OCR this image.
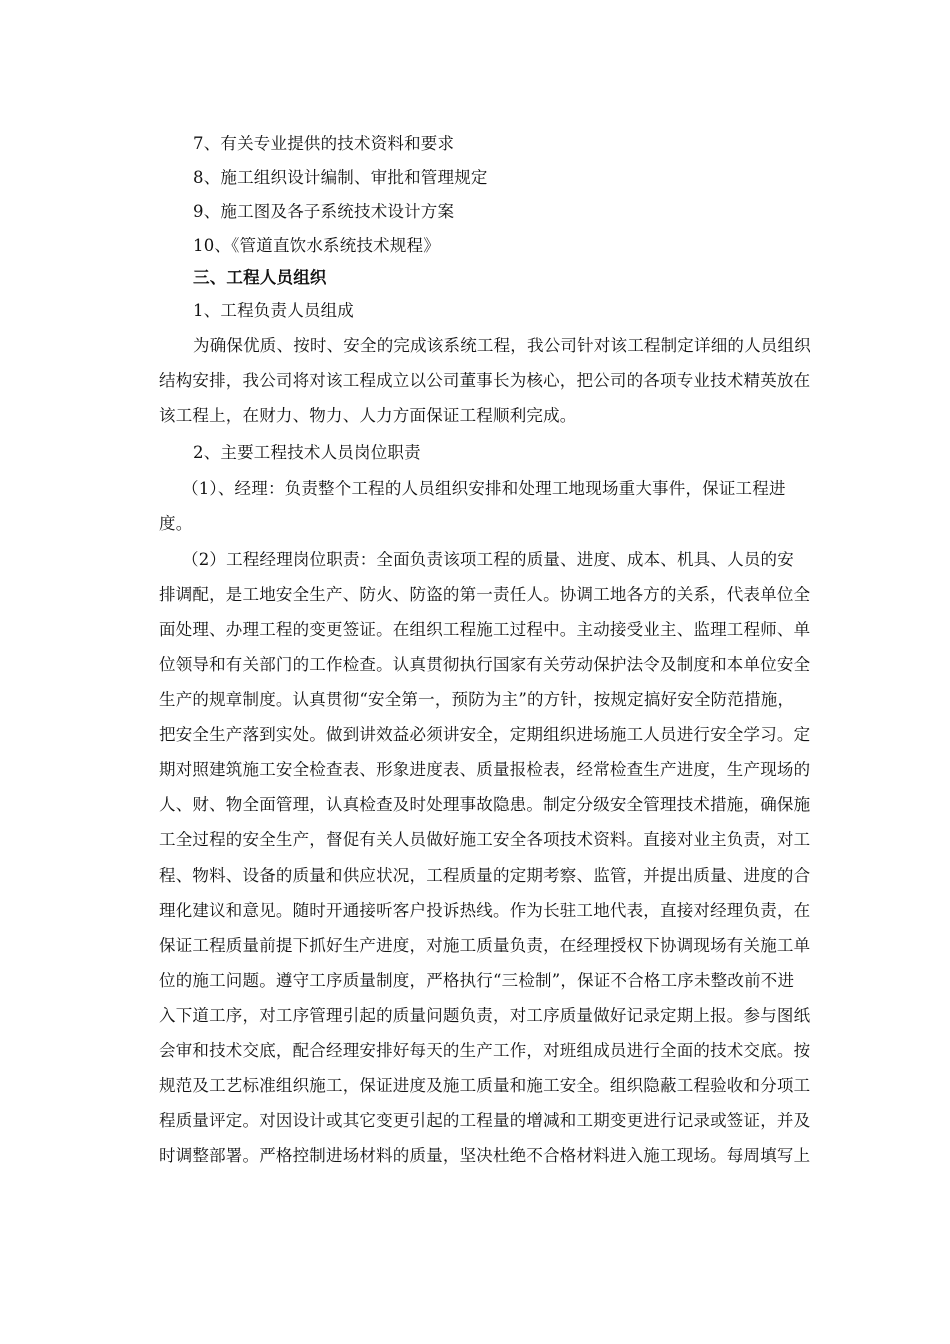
7、有关专业提供的技术资料和要求
8、施工组织设计编制、审批和管理规定
9、施工图及各子系统技术设计方案
10、《管道直饮水系统技术规程》
三、工程人员组织
1、工程负责人员组成
为确保优质、按时、安全的完成该系统工程，我公司针对该工程制定详细的人员组织
结构安排，我公司将对该工程成立以公司董事长为核心，把公司的各项专业技术精英放在
该工程上，在财力、物力、人力方面保证工程顺利完成。
2、主要工程技术人员岗位职责
（1）、经理：负责整个工程的人员组织安排和处理工地现场重大事件，保证工程进
度。
（2）工程经理岗位职责：全面负责该项工程的质量、进度、成本、机具、人员的安
排调配，是工地安全生产、防火、防盗的第一责任人。协调工地各方的关系，代表单位全
面处理、办理工程的变更签证。在组织工程施工过程中。主动接受业主、监理工程师、单
位领导和有关部门的工作检查。认真贯彻执行国家有关劳动保护法令及制度和本单位安全
生产的规章制度。认真贯彻“安全第一，预防为主”的方针，按规定搞好安全防范措施，
把安全生产落到实处。做到讲效益必须讲安全，定期组织进场施工人员进行安全学习。定
期对照建筑施工安全检查表、形象进度表、质量报检表，经常检查生产进度，生产现场的
人、财、物全面管理，认真检查及时处理事故隐患。制定分级安全管理技术措施，确保施
工全过程的安全生产，督促有关人员做好施工安全各项技术资料。直接对业主负责，对工
程、物料、设备的质量和供应状况，工程质量的定期考察、监管，并提出质量、进度的合
理化建议和意见。随时开通接听客户投诉热线。作为长驻工地代表，直接对经理负责，在
保证工程质量前提下抓好生产进度，对施工质量负责，在经理授权下协调现场有关施工单
位的施工问题。遵守工序质量制度，严格执行“三检制”，保证不合格工序未整改前不进
入下道工序，对工序管理引起的质量问题负责，对工序质量做好记录定期上报。参与图纸
会审和技术交底，配合经理安排好每天的生产工作，对班组成员进行全面的技术交底。按
规范及工艺标准组织施工，保证进度及施工质量和施工安全。组织隐蔽工程验收和分项工
程质量评定。对因设计或其它变更引起的工程量的增减和工期变更进行记录或签证，并及
时调整部署。严格控制进场材料的质量，坚决杜绝不合格材料进入施工现场。每周填写上
